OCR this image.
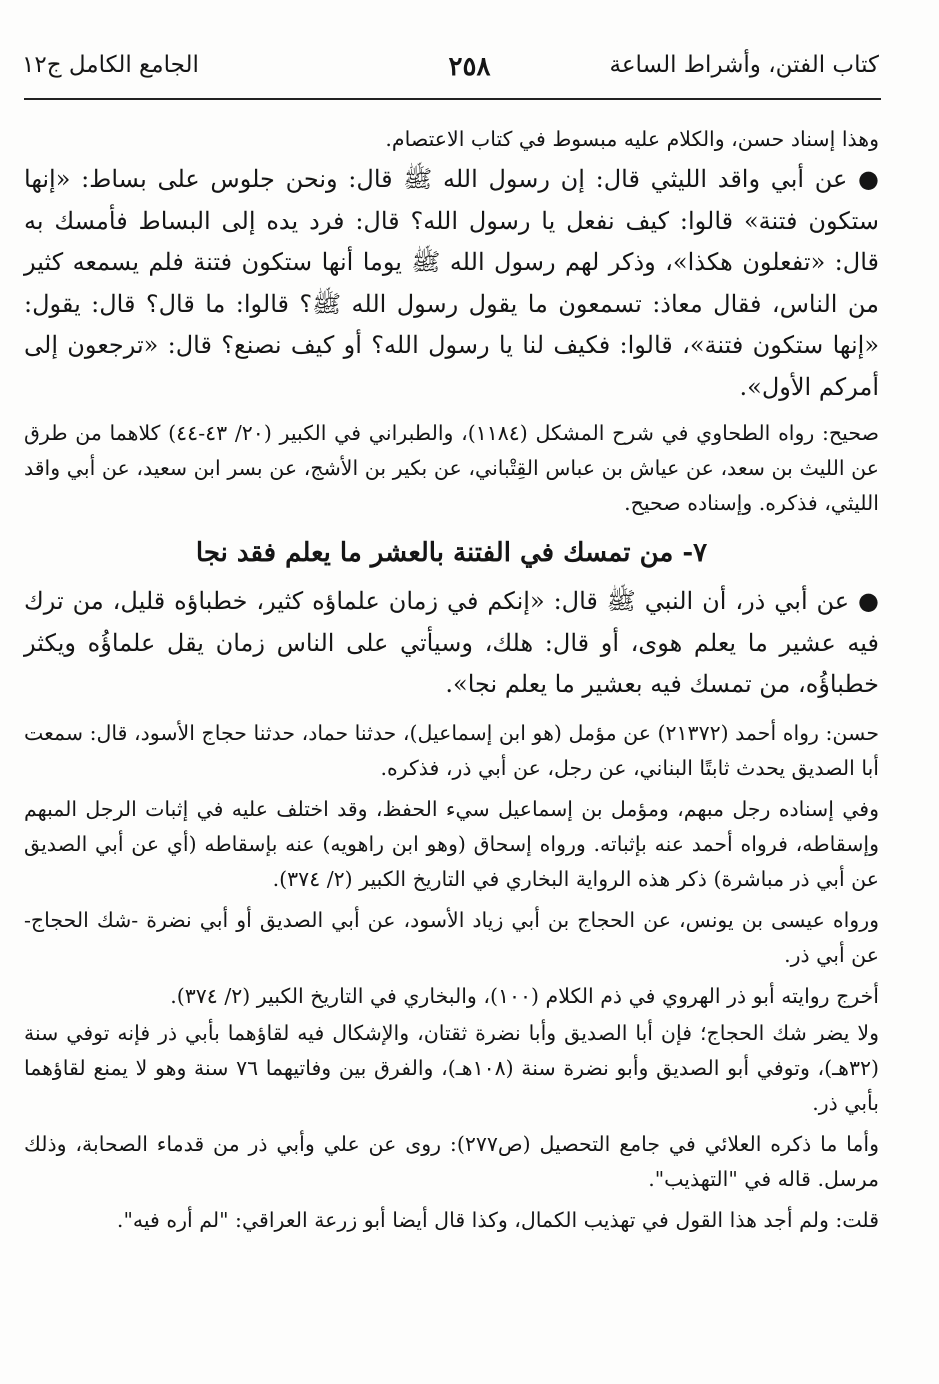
كتاب الفتن، وأشراط الساعة
٢٥٨
الجامع الكامل ج١٢

وهذا إسناد حسن، والكلام عليه مبسوط في كتاب الاعتصام.

● عن أبي واقد الليثي قال: إن رسول الله ﷺ قال: ونحن جلوس على بساط: «إنها ستكون فتنة» قالوا: كيف نفعل يا رسول الله؟ قال: فرد يده إلى البساط فأمسك به قال: «تفعلون هكذا»، وذكر لهم رسول الله ﷺ يوما أنها ستكون فتنة فلم يسمعه كثير من الناس، فقال معاذ: تسمعون ما يقول رسول الله ﷺ؟ قالوا: ما قال؟ قال: يقول: «إنها ستكون فتنة»، قالوا: فكيف لنا يا رسول الله؟ أو كيف نصنع؟ قال: «ترجعون إلى أمركم الأول».

صحيح: رواه الطحاوي في شرح المشكل (١١٨٤)، والطبراني في الكبير (٢٠/ ٤٣-٤٤) كلاهما من طرق عن الليث بن سعد، عن عياش بن عباس القِتْباني، عن بكير بن الأشج، عن بسر ابن سعيد، عن أبي واقد الليثي، فذكره. وإسناده صحيح.

٧- من تمسك في الفتنة بالعشر ما يعلم فقد نجا

● عن أبي ذر، أن النبي ﷺ قال: «إنكم في زمان علماؤه كثير، خطباؤه قليل، من ترك فيه عشير ما يعلم هوى، أو قال: هلك، وسيأتي على الناس زمان يقل علماؤُه ويكثر خطباؤُه، من تمسك فيه بعشير ما يعلم نجا».

حسن: رواه أحمد (٢١٣٧٢) عن مؤمل (هو ابن إسماعيل)، حدثنا حماد، حدثنا حجاج الأسود، قال: سمعت أبا الصديق يحدث ثابتًا البناني، عن رجل، عن أبي ذر، فذكره.

وفي إسناده رجل مبهم، ومؤمل بن إسماعيل سيء الحفظ، وقد اختلف عليه في إثبات الرجل المبهم وإسقاطه، فرواه أحمد عنه بإثباته. ورواه إسحاق (وهو ابن راهويه) عنه بإسقاطه (أي عن أبي الصديق عن أبي ذر مباشرة) ذكر هذه الرواية البخاري في التاريخ الكبير (٢/ ٣٧٤).

ورواه عيسى بن يونس، عن الحجاج بن أبي زياد الأسود، عن أبي الصديق أو أبي نضرة -شك الحجاج- عن أبي ذر.

أخرج روايته أبو ذر الهروي في ذم الكلام (١٠٠)، والبخاري في التاريخ الكبير (٢/ ٣٧٤).

ولا يضر شك الحجاج؛ فإن أبا الصديق وأبا نضرة ثقتان، والإشكال فيه لقاؤهما بأبي ذر فإنه توفي سنة (٣٢هـ)، وتوفي أبو الصديق وأبو نضرة سنة (١٠٨هـ)، والفرق بين وفاتيهما ٧٦ سنة وهو لا يمنع لقاؤهما بأبي ذر.

وأما ما ذكره العلائي في جامع التحصيل (ص٢٧٧): روى عن علي وأبي ذر من قدماء الصحابة، وذلك مرسل. قاله في "التهذيب".

قلت: ولم أجد هذا القول في تهذيب الكمال، وكذا قال أيضا أبو زرعة العراقي: "لم أره فيه".
